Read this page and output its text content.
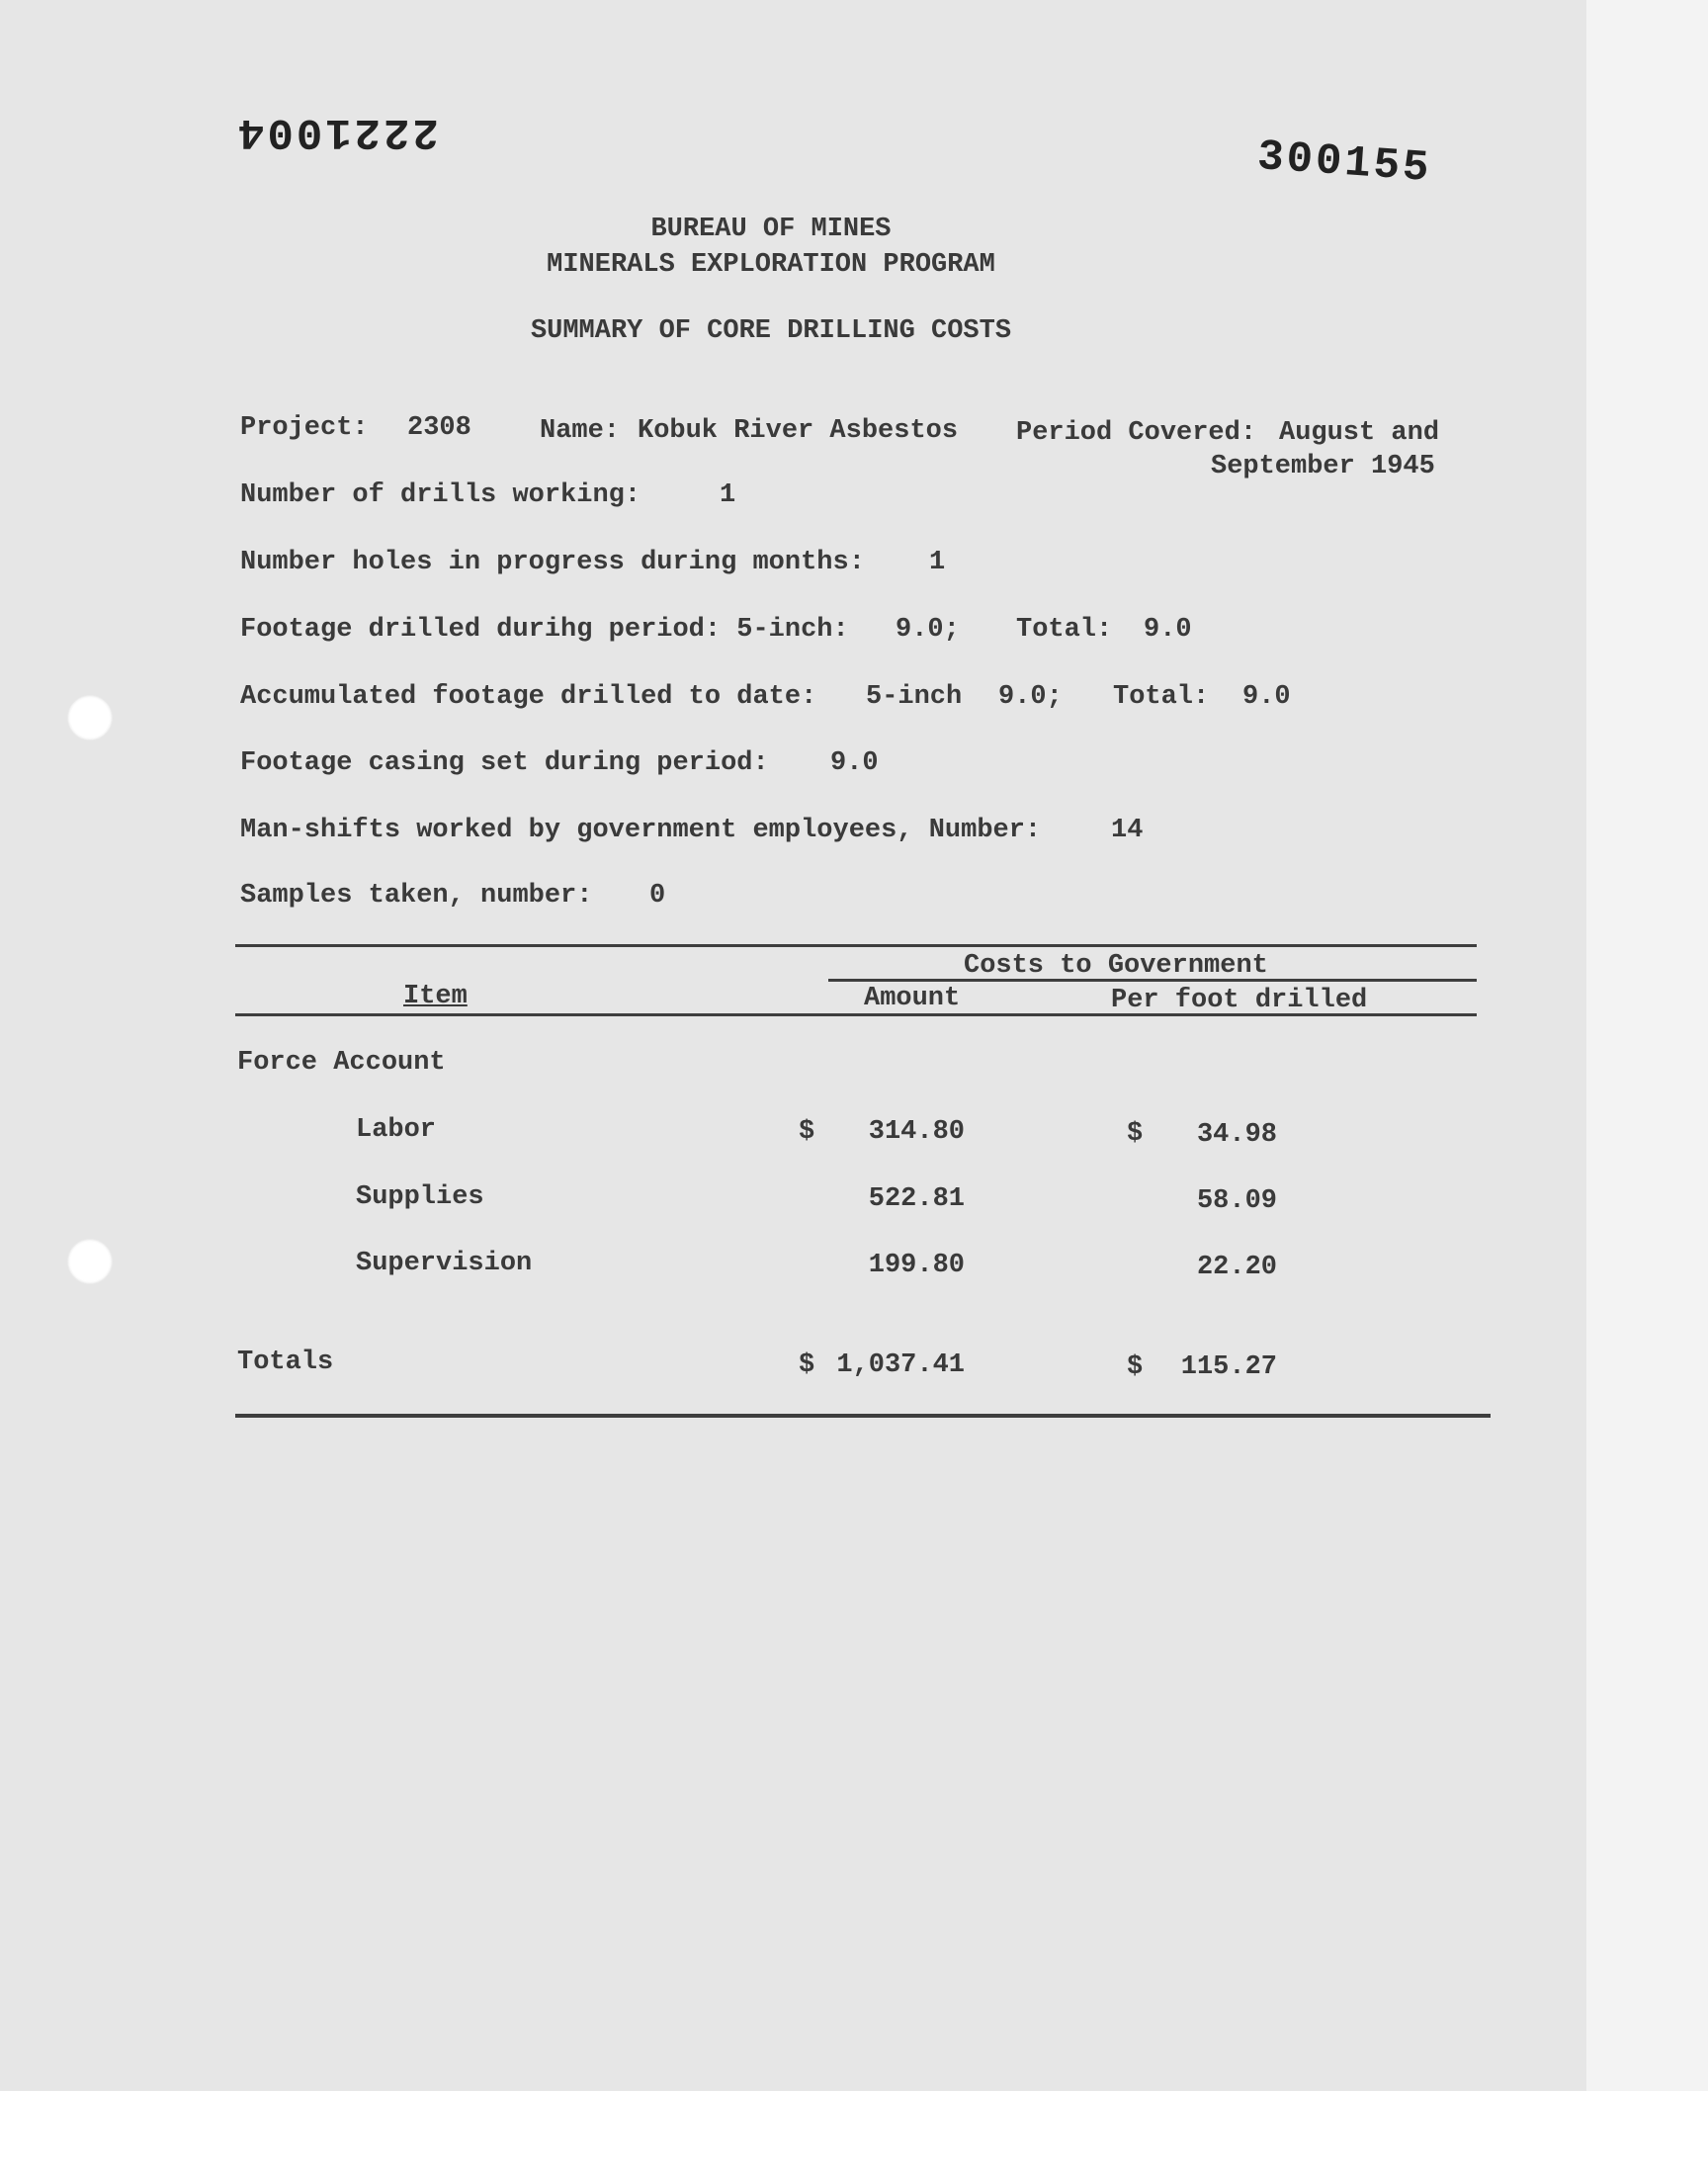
2221004
300155
BUREAU OF MINES
MINERALS EXPLORATION PROGRAM
SUMMARY OF CORE DRILLING COSTS
Project: 2308	Name: Kobuk River Asbestos Period Covered: August and
September 1945
Number of drills working:	1
Number holes in progress during months: 1
Footage drilled durihg period: 5-inch: 9.0; Total: 9.0
Accumulated footage drilled to date: 5-inch 9.0; Total: 9.0
Footage casing set during period: 9.0
Man-shifts worked by government employees, Number:	14
Samples taken, number: 0
Costs to Government
Item	Amount	Per foot drilled
Force Account
Labor	$	314.80	$	34.98
Supplies	522.81	58.09
Supervision	199.80	22.20
Totals	$ 1,037.41	$	115.27
